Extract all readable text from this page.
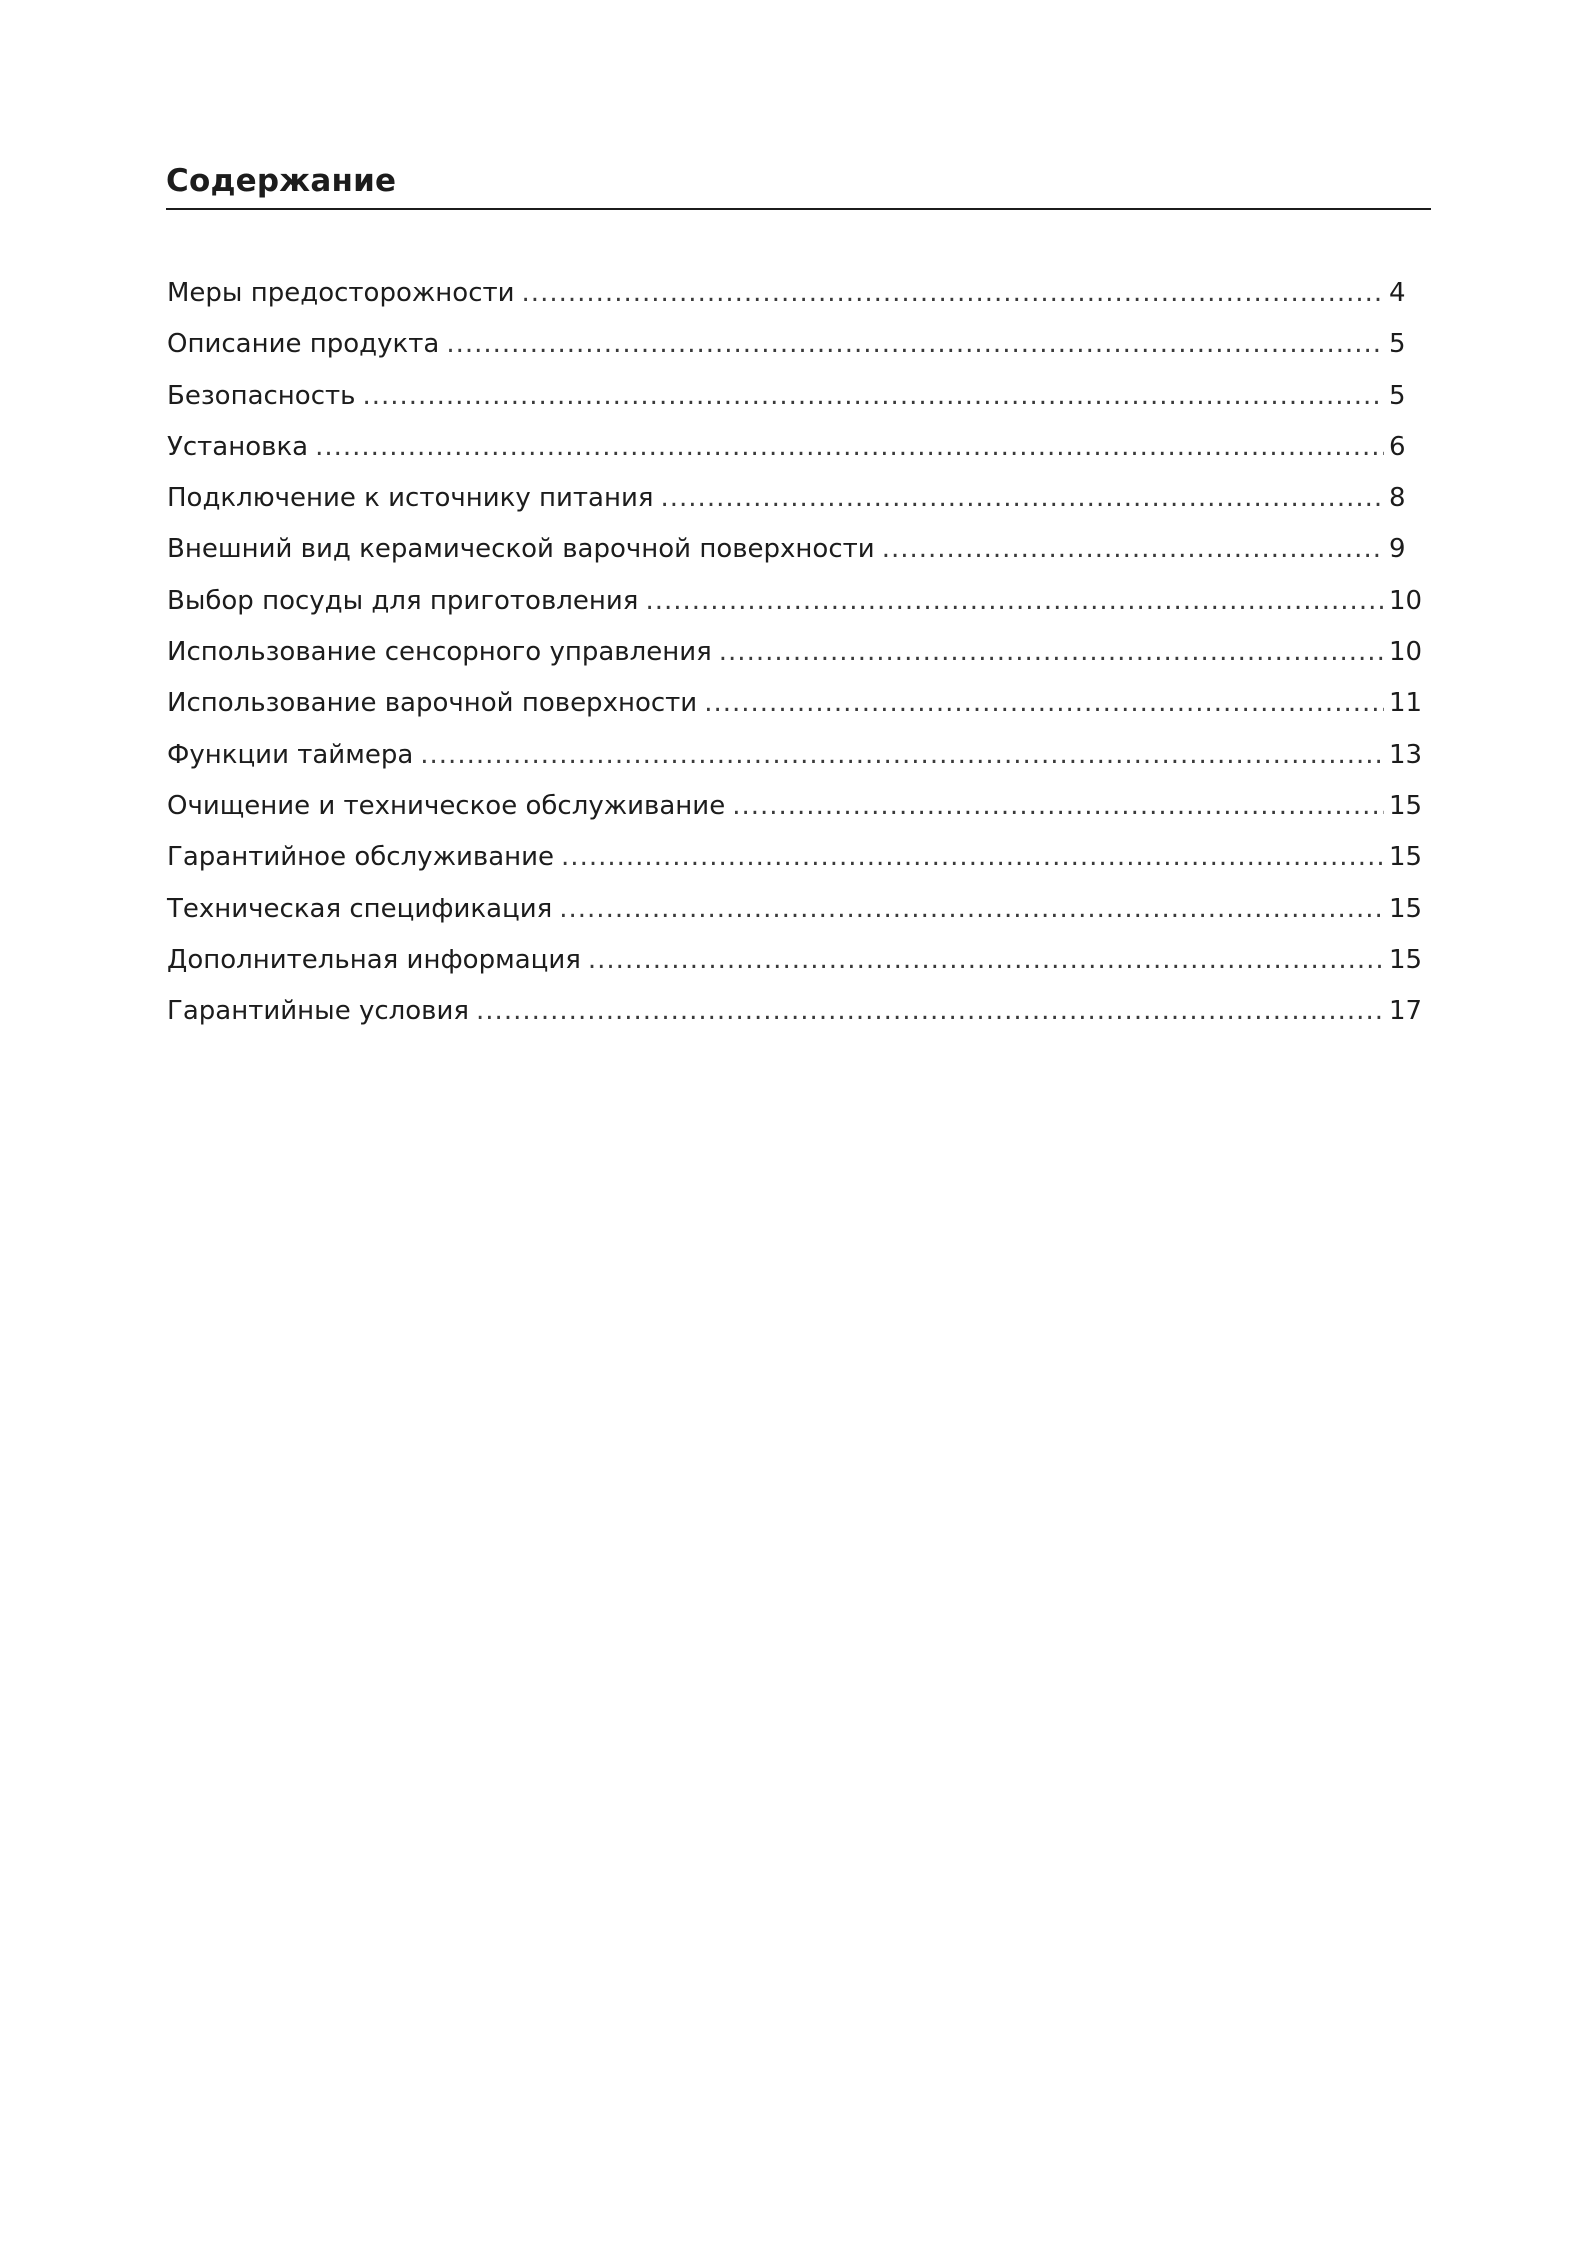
Содержание
Меры предосторожности .....	4
Описание продукта .....	5
Безопасность .....	5
Установка .....	6
Подключение к источнику питания .....	8
Внешний вид керамической варочной поверхности .....	9
Выбор посуды для приготовления .....	10
Использование сенсорного управления .....	10
Использование варочной поверхности .....	11
Функции таймера .....	13
Очищение и техническое обслуживание .....	15
Гарантийное обслуживание .....	15
Техническая спецификация .....	15
Дополнительная информация .....	15
Гарантийные условия .....	17
